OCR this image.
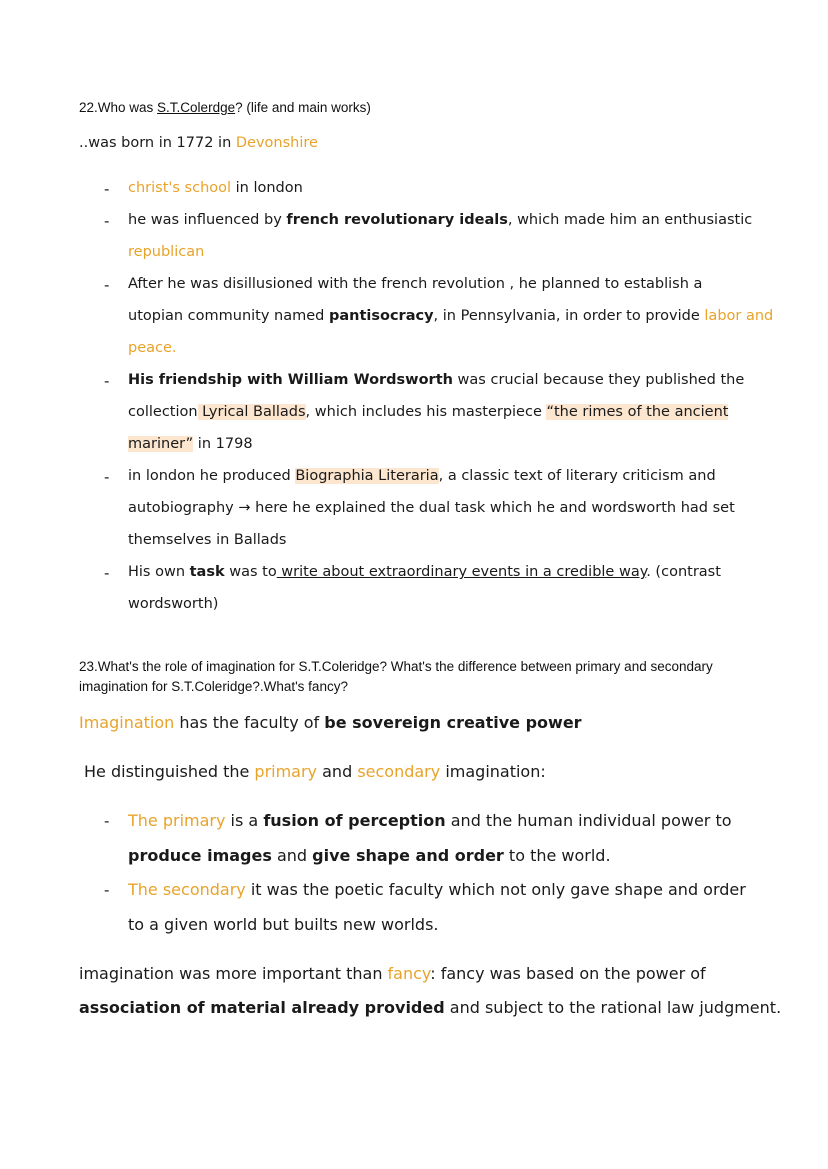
22.Who was S.T.Colerdge? (life and main works)
..was born in 1772 in Devonshire
- christ's school in london
- he was influenced by french revolutionary ideals, which made him an enthusiastic
republican
- After he was disillusioned with the french revolution , he planned to establish a
utopian community named pantisocracy, in Pennsylvania, in order to provide labor and
peace.
- His friendship with William Wordsworth was crucial because they published the
collection Lyrical Ballads, which includes his masterpiece “the rimes of the ancient
mariner” in 1798
- in london he produced Biographia Literaria, a classic text of literary criticism and
autobiography → here he explained the dual task which he and wordsworth had set
themselves in Ballads
- His own task was to write about extraordinary events in a credible way. (contrast
wordsworth)
23.What's the role of imagination for S.T.Coleridge? What's the difference between primary and secondary
imagination for S.T.Coleridge?.What's fancy?
Imagination has the faculty of be sovereign creative power
He distinguished the primary and secondary imagination:
- The primary is a fusion of perception and the human individual power to
produce images and give shape and order to the world.
- The secondary it was the poetic faculty which not only gave shape and order
to a given world but builts new worlds.
imagination was more important than fancy: fancy was based on the power of
association of material already provided and subject to the rational law judgment.
